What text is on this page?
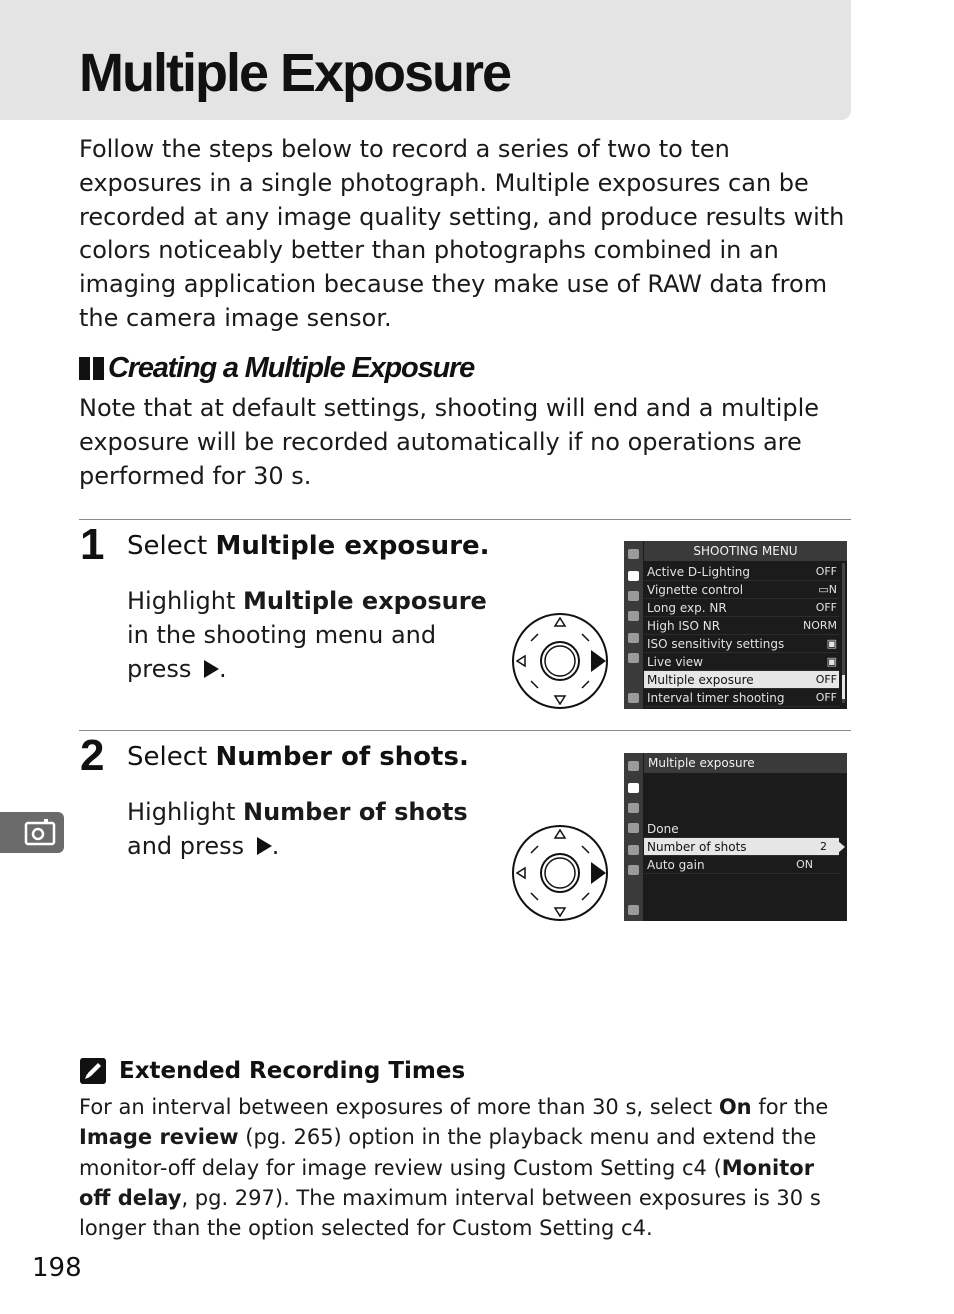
Multiple Exposure

Follow the steps below to record a series of two to ten exposures in a single photograph. Multiple exposures can be recorded at any image quality setting, and produce results with colors noticeably better than photographs combined in an imaging application because they make use of RAW data from the camera image sensor.

Creating a Multiple Exposure

Note that at default settings, shooting will end and a multiple exposure will be recorded automatically if no operations are performed for 30 s.

1 Select Multiple exposure.
Highlight Multiple exposure in the shooting menu and press .
SHOOTING MENU
Active D-Lighting	OFF
Vignette control	▭N
Long exp. NR	OFF
High ISO NR	NORM
ISO sensitivity settings	▣
Live view	▣
Multiple exposure	OFF
Interval timer shooting	OFF
2 Select Number of shots.
Highlight Number of shots and press .
Multiple exposure
Done
Number of shots	2
Auto gain	ON
Extended Recording Times

For an interval between exposures of more than 30 s, select On for the Image review (pg. 265) option in the playback menu and extend the monitor-off delay for image review using Custom Setting c4 (Monitor off delay, pg. 297). The maximum interval between exposures is 30 s longer than the option selected for Custom Setting c4.

198
